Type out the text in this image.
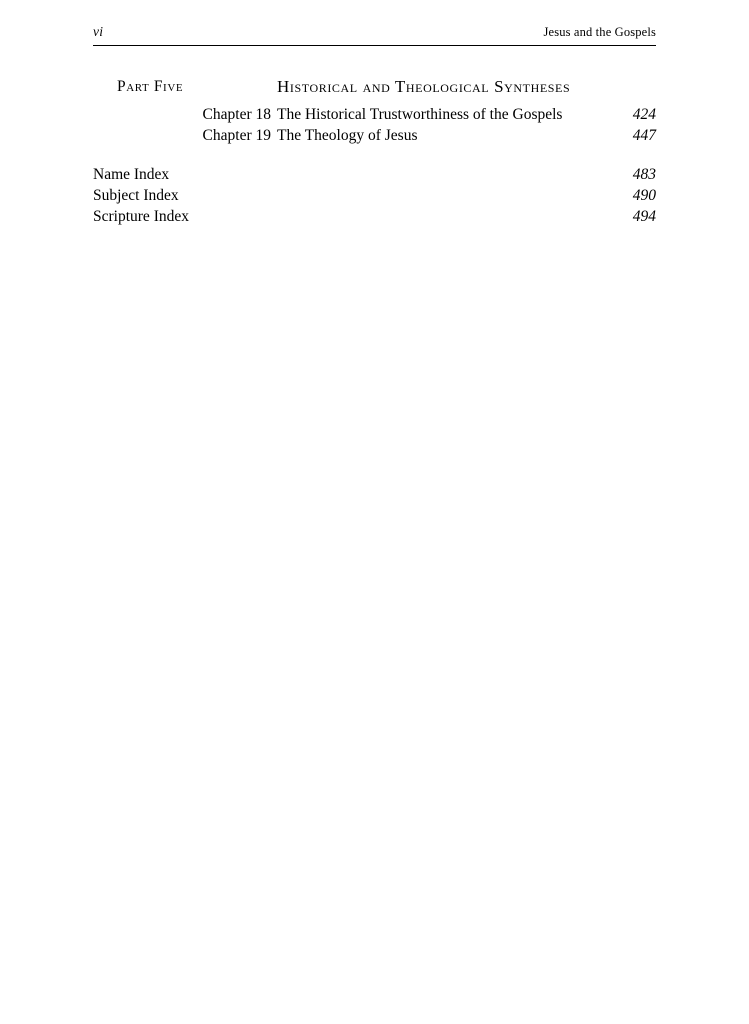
vi	Jesus and the Gospels
Part Five	Historical and Theological Syntheses
Chapter 18 The Historical Trustworthiness of the Gospels	424
Chapter 19 The Theology of Jesus	447
Name Index	483
Subject Index	490
Scripture Index	494
